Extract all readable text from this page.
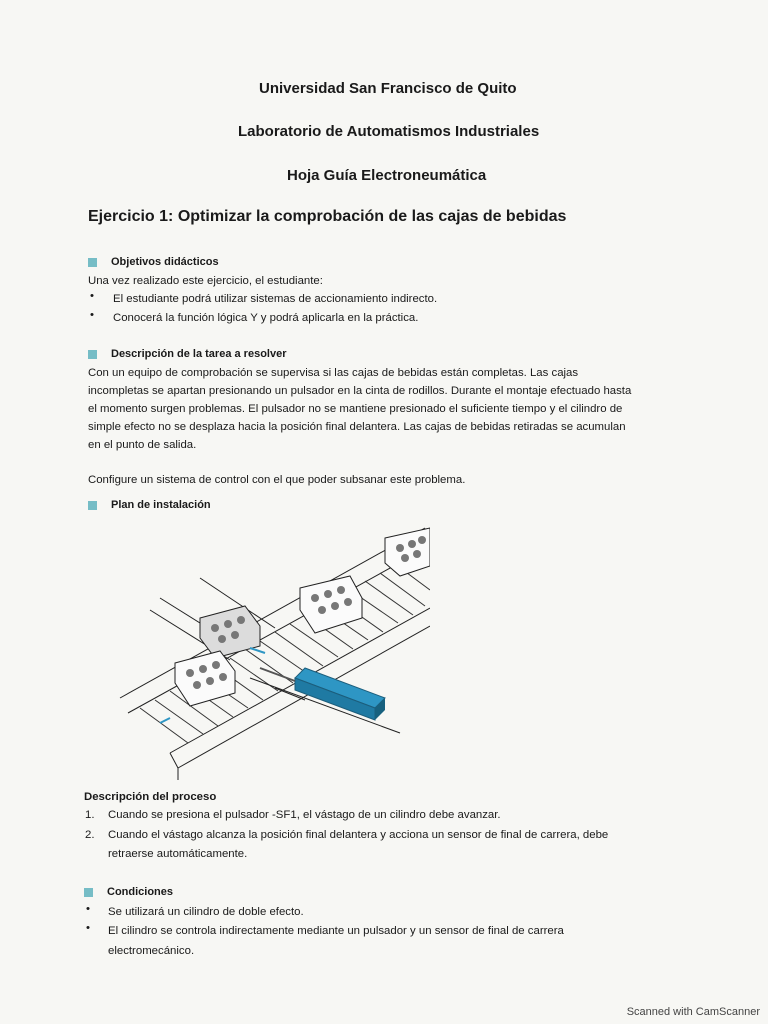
Universidad San Francisco de Quito
Laboratorio de Automatismos Industriales
Hoja Guía Electroneumática
Ejercicio 1: Optimizar la comprobación de las cajas de bebidas
Objetivos didácticos
Una vez realizado este ejercicio, el estudiante:
• El estudiante podrá utilizar sistemas de accionamiento indirecto.
• Conocerá la función lógica Y y podrá aplicarla en la práctica.
Descripción de la tarea a resolver
Con un equipo de comprobación se supervisa si las cajas de bebidas están completas. Las cajas
incompletas se apartan presionando un pulsador en la cinta de rodillos. Durante el montaje efectuado hasta
el momento surgen problemas. El pulsador no se mantiene presionado el suficiente tiempo y el cilindro de
simple efecto no se desplaza hacia la posición final delantera. Las cajas de bebidas retiradas se acumulan
en el punto de salida.
Configure un sistema de control con el que poder subsanar este problema.
Plan de instalación
Descripción del proceso
1. Cuando se presiona el pulsador -SF1, el vástago de un cilindro debe avanzar.
2. Cuando el vástago alcanza la posición final delantera y acciona un sensor de final de carrera, debe
retraerse automáticamente.
Condiciones
• Se utilizará un cilindro de doble efecto.
• El cilindro se controla indirectamente mediante un pulsador y un sensor de final de carrera
electromecánico.
Scanned with CamScanner
